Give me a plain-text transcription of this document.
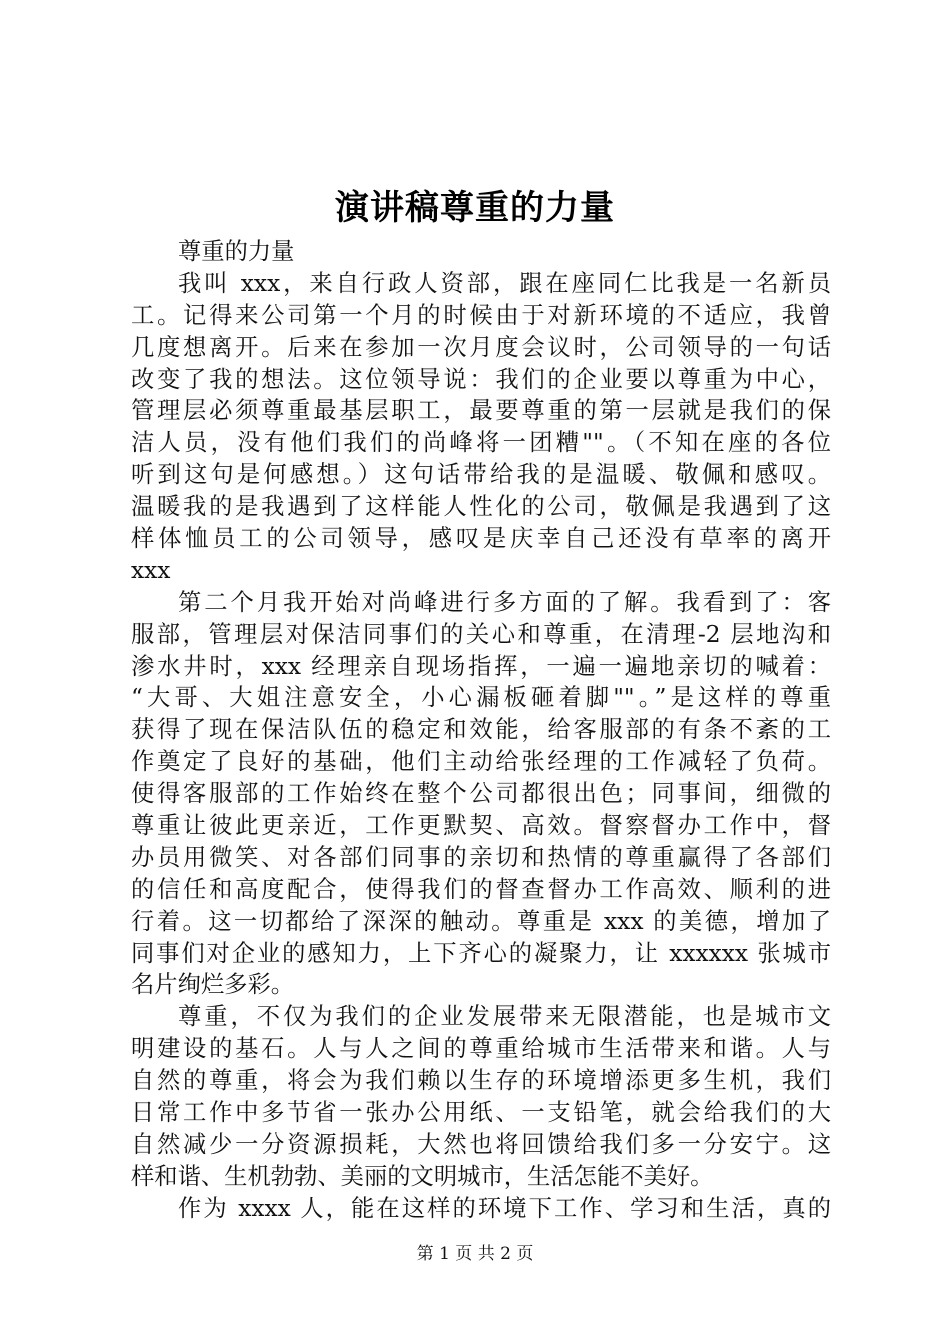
演讲稿尊重的力量
尊重的力量
我叫 xxx，来自行政人资部，跟在座同仁比我是一名新员
工。记得来公司第一个月的时候由于对新环境的不适应，我曾
几度想离开。后来在参加一次月度会议时，公司领导的一句话
改变了我的想法。这位领导说：我们的企业要以尊重为中心，
管理层必须尊重最基层职工，最要尊重的第一层就是我们的保
洁人员，没有他们我们的尚峰将一团糟""。（不知在座的各位
听到这句是何感想。）这句话带给我的是温暖、敬佩和感叹。
温暖我的是我遇到了这样能人性化的公司，敬佩是我遇到了这
样体恤员工的公司领导，感叹是庆幸自己还没有草率的离开
xxx
第二个月我开始对尚峰进行多方面的了解。我看到了：客
服部，管理层对保洁同事们的关心和尊重，在清理-2 层地沟和
渗水井时，xxx 经理亲自现场指挥，一遍一遍地亲切的喊着：
“大哥、大姐注意安全，小心漏板砸着脚""。”是这样的尊重
获得了现在保洁队伍的稳定和效能，给客服部的有条不紊的工
作奠定了良好的基础，他们主动给张经理的工作减轻了负荷。
使得客服部的工作始终在整个公司都很出色；同事间，细微的
尊重让彼此更亲近，工作更默契、高效。督察督办工作中，督
办员用微笑、对各部们同事的亲切和热情的尊重赢得了各部们
的信任和高度配合，使得我们的督查督办工作高效、顺利的进
行着。这一切都给了深深的触动。尊重是 xxx 的美德，增加了
同事们对企业的感知力，上下齐心的凝聚力，让 xxxxxx 张城市
名片绚烂多彩。
尊重，不仅为我们的企业发展带来无限潜能，也是城市文
明建设的基石。人与人之间的尊重给城市生活带来和谐。人与
自然的尊重，将会为我们赖以生存的环境增添更多生机，我们
日常工作中多节省一张办公用纸、一支铅笔，就会给我们的大
自然减少一分资源损耗，大然也将回馈给我们多一分安宁。这
样和谐、生机勃勃、美丽的文明城市，生活怎能不美好。
作为 xxxx 人，能在这样的环境下工作、学习和生活，真的
第 1 页 共 2 页
